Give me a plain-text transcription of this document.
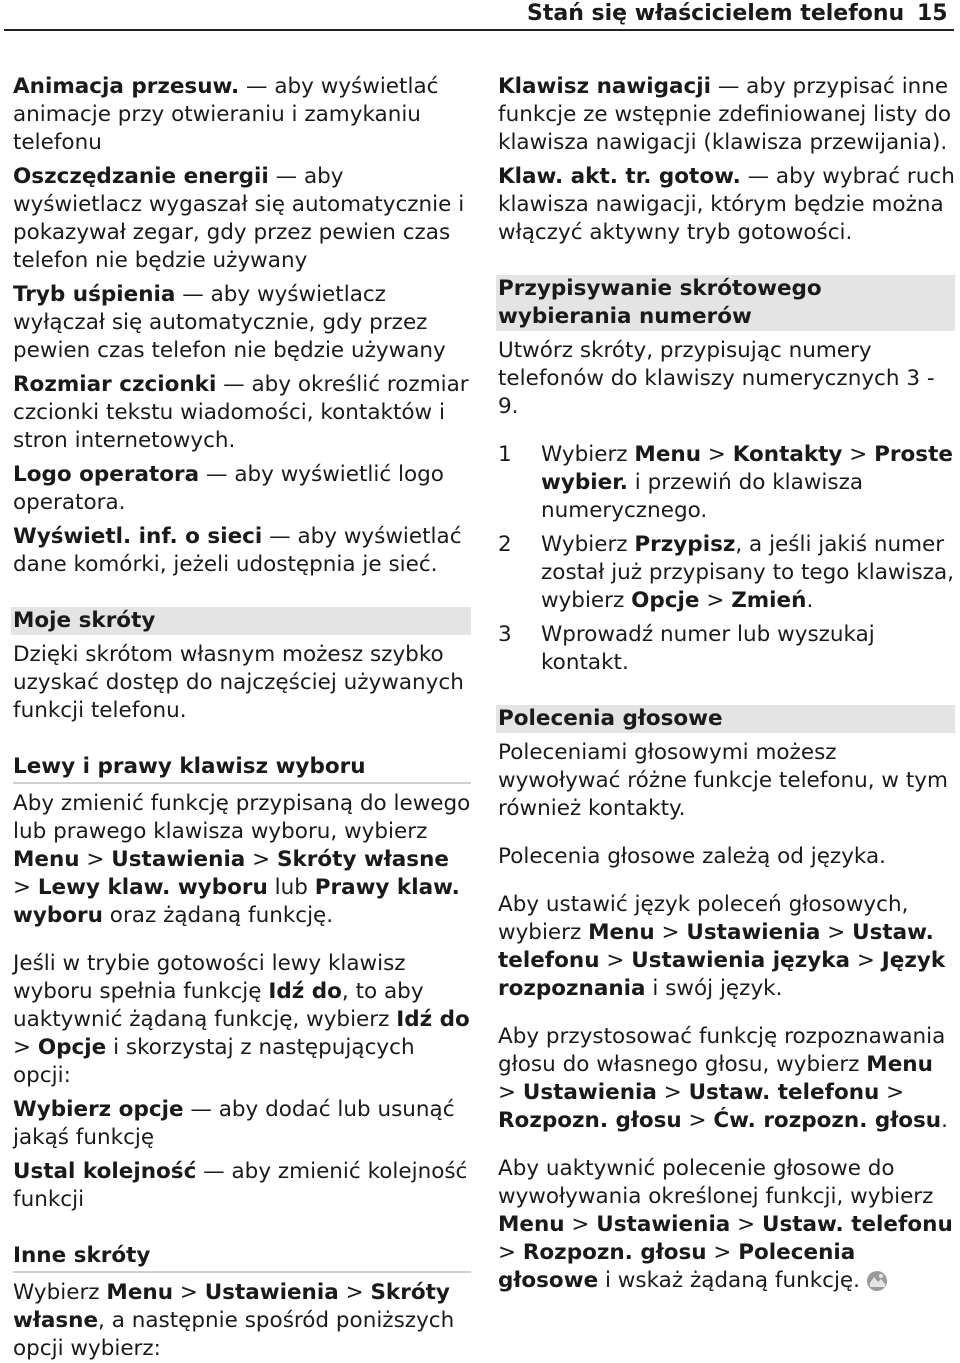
Stań się właścicielem telefonu 15

Animacja przesuw. — aby wyświetlać animacje przy otwieraniu i zamykaniu telefonu

Oszczędzanie energii — aby wyświetlacz wygaszał się automatycznie i pokazywał zegar, gdy przez pewien czas telefon nie będzie używany

Tryb uśpienia — aby wyświetlacz wyłączał się automatycznie, gdy przez pewien czas telefon nie będzie używany

Rozmiar czcionki — aby określić rozmiar czcionki tekstu wiadomości, kontaktów i stron internetowych.

Logo operatora — aby wyświetlić logo operatora.

Wyświetl. inf. o sieci — aby wyświetlać dane komórki, jeżeli udostępnia je sieć.

Moje skróty

Dzięki skrótom własnym możesz szybko uzyskać dostęp do najczęściej używanych funkcji telefonu.

Lewy i prawy klawisz wyboru

Aby zmienić funkcję przypisaną do lewego lub prawego klawisza wyboru, wybierz Menu > Ustawienia > Skróty własne > Lewy klaw. wyboru lub Prawy klaw. wyboru oraz żądaną funkcję.

Jeśli w trybie gotowości lewy klawisz wyboru spełnia funkcję Idź do, to aby uaktywnić żądaną funkcję, wybierz Idź do > Opcje i skorzystaj z następujących opcji:

Wybierz opcje — aby dodać lub usunąć jakąś funkcję

Ustal kolejność — aby zmienić kolejność funkcji

Inne skróty

Wybierz Menu > Ustawienia > Skróty własne, a następnie spośród poniższych opcji wybierz:

Klawisz nawigacji — aby przypisać inne funkcje ze wstępnie zdefiniowanej listy do klawisza nawigacji (klawisza przewijania).

Klaw. akt. tr. gotow. — aby wybrać ruch klawisza nawigacji, którym będzie można włączyć aktywny tryb gotowości.

Przypisywanie skrótowego wybierania numerów

Utwórz skróty, przypisując numery telefonów do klawiszy numerycznych 3 - 9.

1 Wybierz Menu > Kontakty > Proste wybier. i przewiń do klawisza numerycznego.
2 Wybierz Przypisz, a jeśli jakiś numer został już przypisany to tego klawisza, wybierz Opcje > Zmień.
3 Wprowadź numer lub wyszukaj kontakt.
Polecenia głosowe

Poleceniami głosowymi możesz wywoływać różne funkcje telefonu, w tym również kontakty.

Polecenia głosowe zależą od języka.

Aby ustawić język poleceń głosowych, wybierz Menu > Ustawienia > Ustaw. telefonu > Ustawienia języka > Język rozpoznania i swój język.

Aby przystosować funkcję rozpoznawania głosu do własnego głosu, wybierz Menu > Ustawienia > Ustaw. telefonu > Rozpozn. głosu > Ćw. rozpozn. głosu.

Aby uaktywnić polecenie głosowe do wywoływania określonej funkcji, wybierz Menu > Ustawienia > Ustaw. telefonu > Rozpozn. głosu > Polecenia głosowe i wskaż żądaną funkcję.
